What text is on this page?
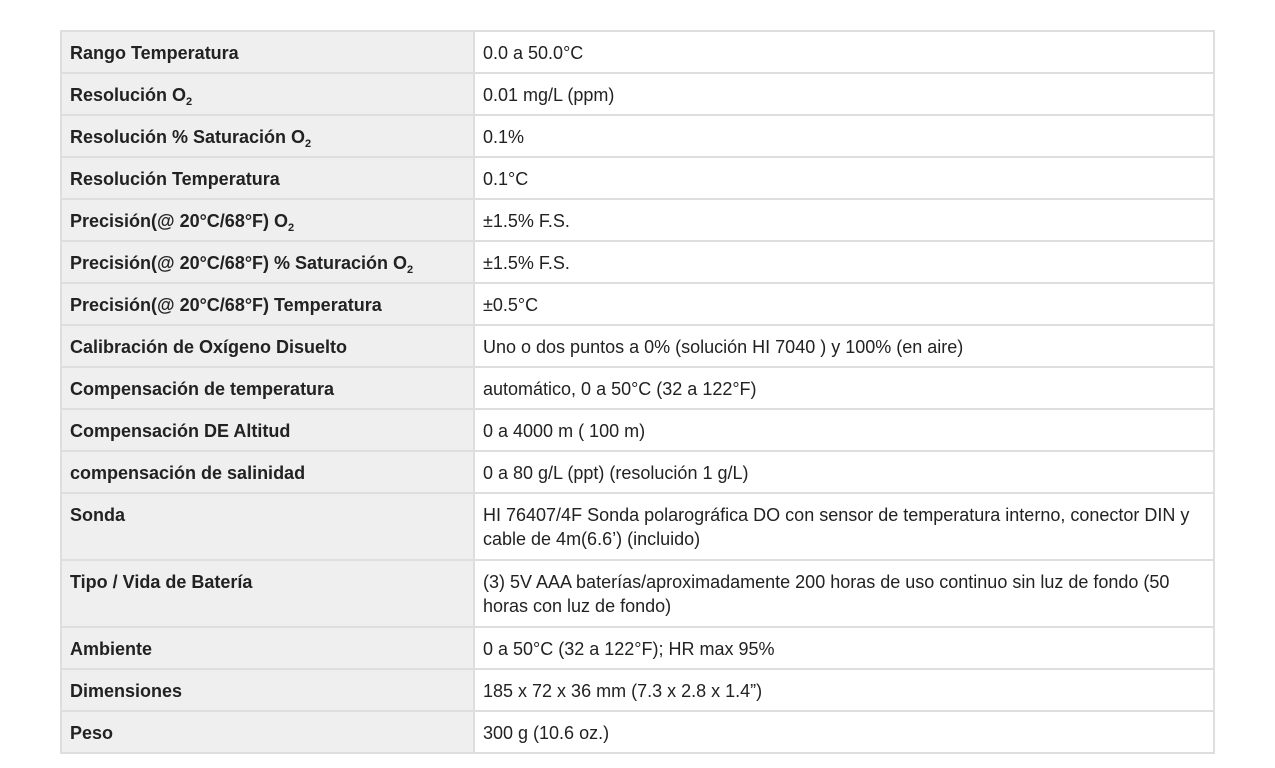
Rango Temperatura	0.0 a 50.0°C
Resolución $O_2$	0.01 mg/L (ppm)
Resolución % Saturación $O_2$	0.1%
Resolución Temperatura	0.1°C
Precisión(@ 20°C/68°F) $O_2$	±1.5% F.S.
Precisión(@ 20°C/68°F) % Saturación $O_2$	±1.5% F.S.
Precisión(@ 20°C/68°F) Temperatura	±0.5°C
Calibración de Oxígeno Disuelto	Uno o dos puntos a 0% (solución HI 7040 ) y 100% (en aire)
Compensación de temperatura	automático, 0 a 50°C (32 a 122°F)
Compensación DE Altitud	0 a 4000 m ( 100 m)
compensación de salinidad	0 a 80 g/L (ppt) (resolución 1 g/L)
Sonda	HI 76407/4F Sonda polarográfica DO con sensor de temperatura interno, conector DIN y cable de 4m(6.6’) (incluido)
Tipo / Vida de Batería	(3) 5V AAA baterías/aproximadamente 200 horas de uso continuo sin luz de fondo (50 horas con luz de fondo)
Ambiente	0 a 50°C (32 a 122°F); HR max 95%
Dimensiones	185 x 72 x 36 mm (7.3 x 2.8 x 1.4”)
Peso	300 g (10.6 oz.)
